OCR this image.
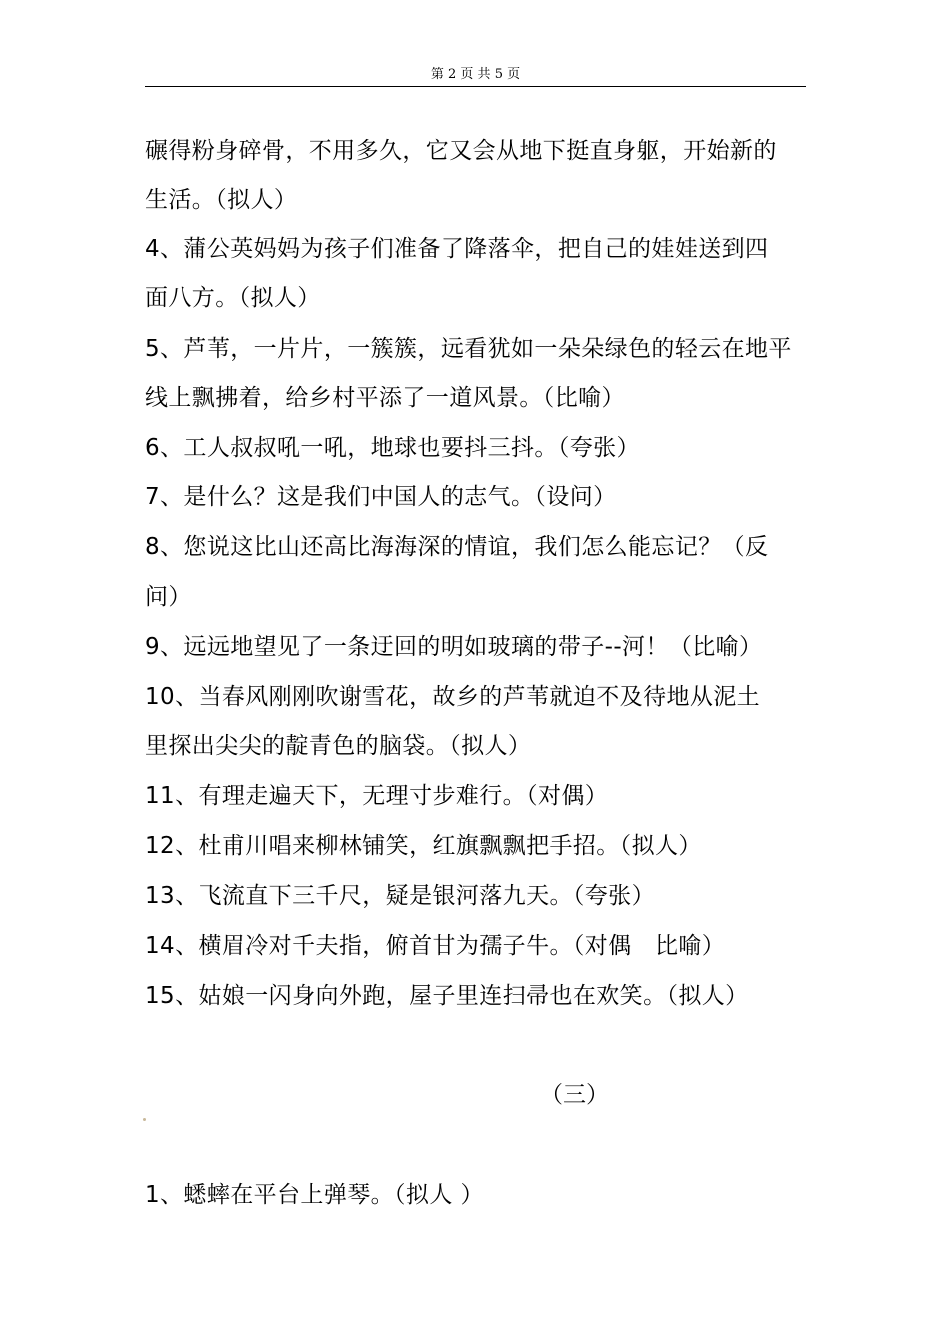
第 2 页 共 5 页
碾得粉身碎骨，不用多久，它又会从地下挺直身躯，开始新的
生活。（拟人）
4、蒲公英妈妈为孩子们准备了降落伞，把自己的娃娃送到四
面八方。（拟人）
5、芦苇，一片片，一簇簇，远看犹如一朵朵绿色的轻云在地平
线上飘拂着，给乡村平添了一道风景。（比喻）
6、工人叔叔吼一吼，地球也要抖三抖。（夸张）
7、是什么？这是我们中国人的志气。（设问）
8、您说这比山还高比海海深的情谊，我们怎么能忘记？（反
问）
9、远远地望见了一条迂回的明如玻璃的带子--河！（比喻）
10、当春风刚刚吹谢雪花，故乡的芦苇就迫不及待地从泥土
里探出尖尖的靛青色的脑袋。（拟人）
11、有理走遍天下，无理寸步难行。（对偶）
12、杜甫川唱来柳林铺笑，红旗飘飘把手招。（拟人）
13、飞流直下三千尺，疑是银河落九天。（夸张）
14、横眉冷对千夫指，俯首甘为孺子牛。（对偶　比喻）
15、姑娘一闪身向外跑，屋子里连扫帚也在欢笑。（拟人）
（三）
1、蟋蟀在平台上弹琴。（拟人 ）
